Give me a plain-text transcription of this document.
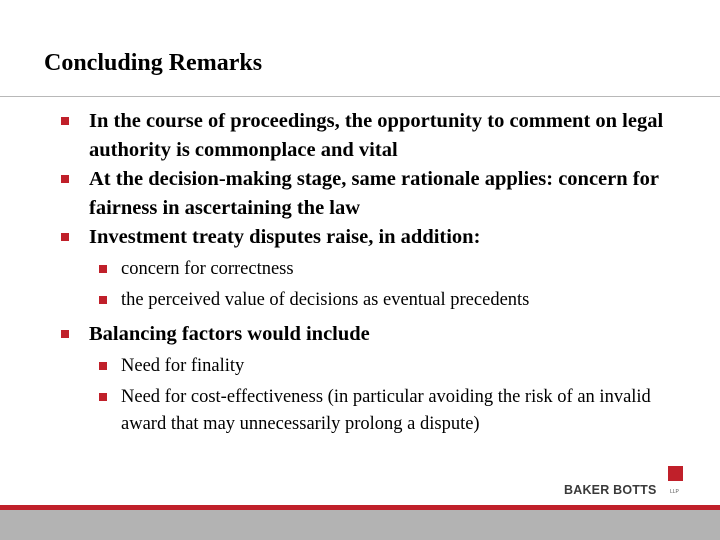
Concluding Remarks
In the course of proceedings, the opportunity to comment on legal authority is commonplace and vital
At the decision-making stage, same rationale applies: concern for fairness in ascertaining the law
Investment treaty disputes raise, in addition:
concern for correctness
the perceived value of decisions as eventual precedents
Balancing factors would include
Need for finality
Need for cost-effectiveness (in particular avoiding the risk of an invalid award that may unnecessarily prolong a dispute)
BAKER BOTTS	LLP
